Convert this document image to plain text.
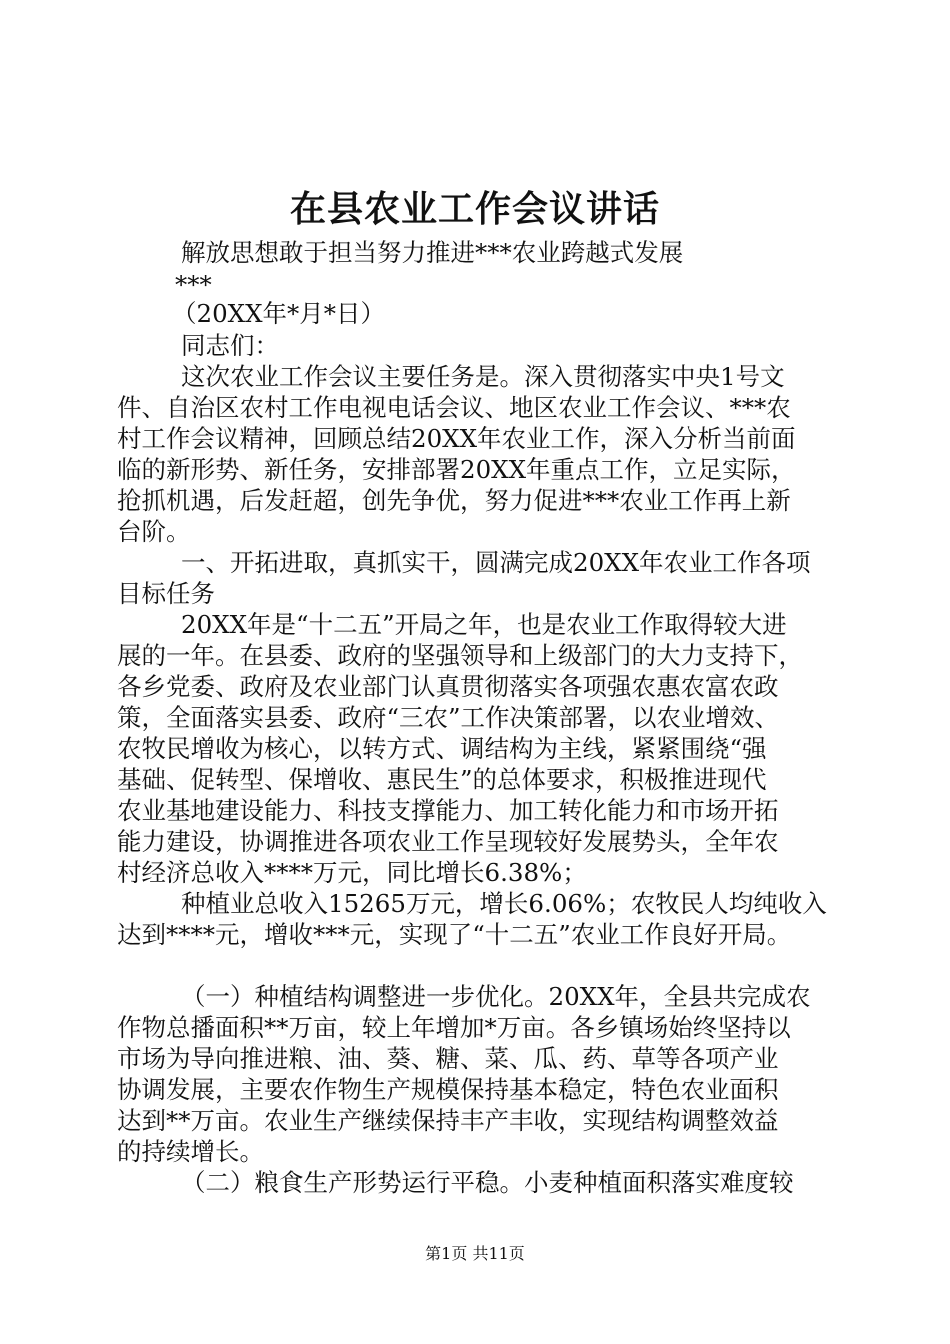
在县农业工作会议讲话
解放思想敢于担当努力推进***农业跨越式发展
***
（20XX年*月*日）
同志们：
这次农业工作会议主要任务是。深入贯彻落实中央1号文
件、自治区农村工作电视电话会议、地区农业工作会议、***农
村工作会议精神，回顾总结20XX年农业工作，深入分析当前面
临的新形势、新任务，安排部署20XX年重点工作，立足实际，
抢抓机遇，后发赶超，创先争优，努力促进***农业工作再上新
台阶。
一、开拓进取，真抓实干，圆满完成20XX年农业工作各项
目标任务
20XX年是“十二五”开局之年，也是农业工作取得较大进
展的一年。在县委、政府的坚强领导和上级部门的大力支持下，
各乡党委、政府及农业部门认真贯彻落实各项强农惠农富农政
策，全面落实县委、政府“三农”工作决策部署，以农业增效、
农牧民增收为核心，以转方式、调结构为主线，紧紧围绕“强
基础、促转型、保增收、惠民生”的总体要求，积极推进现代
农业基地建设能力、科技支撑能力、加工转化能力和市场开拓
能力建设，协调推进各项农业工作呈现较好发展势头，全年农
村经济总收入****万元，同比增长6.38%；
种植业总收入15265万元，增长6.06%；农牧民人均纯收入
达到****元，增收***元，实现了“十二五”农业工作良好开局。
（一）种植结构调整进一步优化。20XX年，全县共完成农
作物总播面积**万亩，较上年增加*万亩。各乡镇场始终坚持以
市场为导向推进粮、油、葵、糖、菜、瓜、药、草等各项产业
协调发展，主要农作物生产规模保持基本稳定，特色农业面积
达到**万亩。农业生产继续保持丰产丰收，实现结构调整效益
的持续增长。
（二）粮食生产形势运行平稳。小麦种植面积落实难度较
第1页 共11页
